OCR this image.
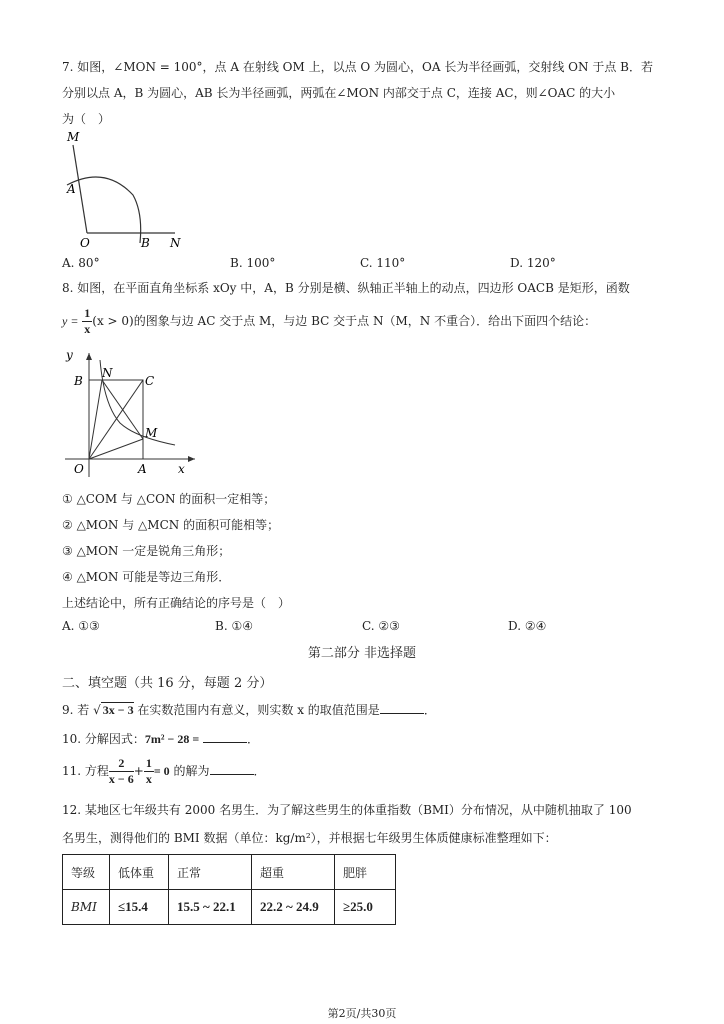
7. 如图，∠MON = 100°，点 A 在射线 OM 上，以点 O 为圆心，OA 长为半径画弧，交射线 ON 于点 B．若
分别以点 A，B 为圆心，AB 长为半径画弧，两弧在∠MON 内部交于点 C，连接 AC，则∠OAC 的大小
为（　）
M
A
O	B N
A. 80°	B. 100°	C. 110°	D. 120°
8. 如图，在平面直角坐标系 xOy 中，A，B 分别是横、纵轴正半轴上的动点，四边形 OACB 是矩形，函数
$y = \frac{1}{x} (x > 0)$的图象与边 AC 交于点 M，与边 BC 交于点 N（M，N 不重合）．给出下面四个结论：
y
B
N
C
M
O	A	x
① △COM 与 △CON 的面积一定相等；
② △MON 与 △MCN 的面积可能相等；
③ △MON 一定是锐角三角形；
④ △MON 可能是等边三角形．
上述结论中，所有正确结论的序号是（　）
A. ①③	B. ①④	C. ②③	D. ②④
第二部分 非选择题
二、填空题（共 16 分，每题 2 分）
9. 若 √ 3x − 3 在实数范围内有意义，则实数 x 的取值范围是	．
10. 分解因式：7m² − 28 =	．
11. 方程 $\frac{2}{x - 6} + \frac{1}{x} = 0$ 的解为	．
12. 某地区七年级共有 2000 名男生．为了解这些男生的体重指数（BMI）分布情况，从中随机抽取了 100
名男生，测得他们的 BMI 数据（单位：kg/m²），并根据七年级男生体质健康标准整理如下：
等级	低体重	正常	超重	肥胖
BMI	≤15.4	15.5 ~ 22.1	22.2 ~ 24.9	≥25.0
第2页/共30页
